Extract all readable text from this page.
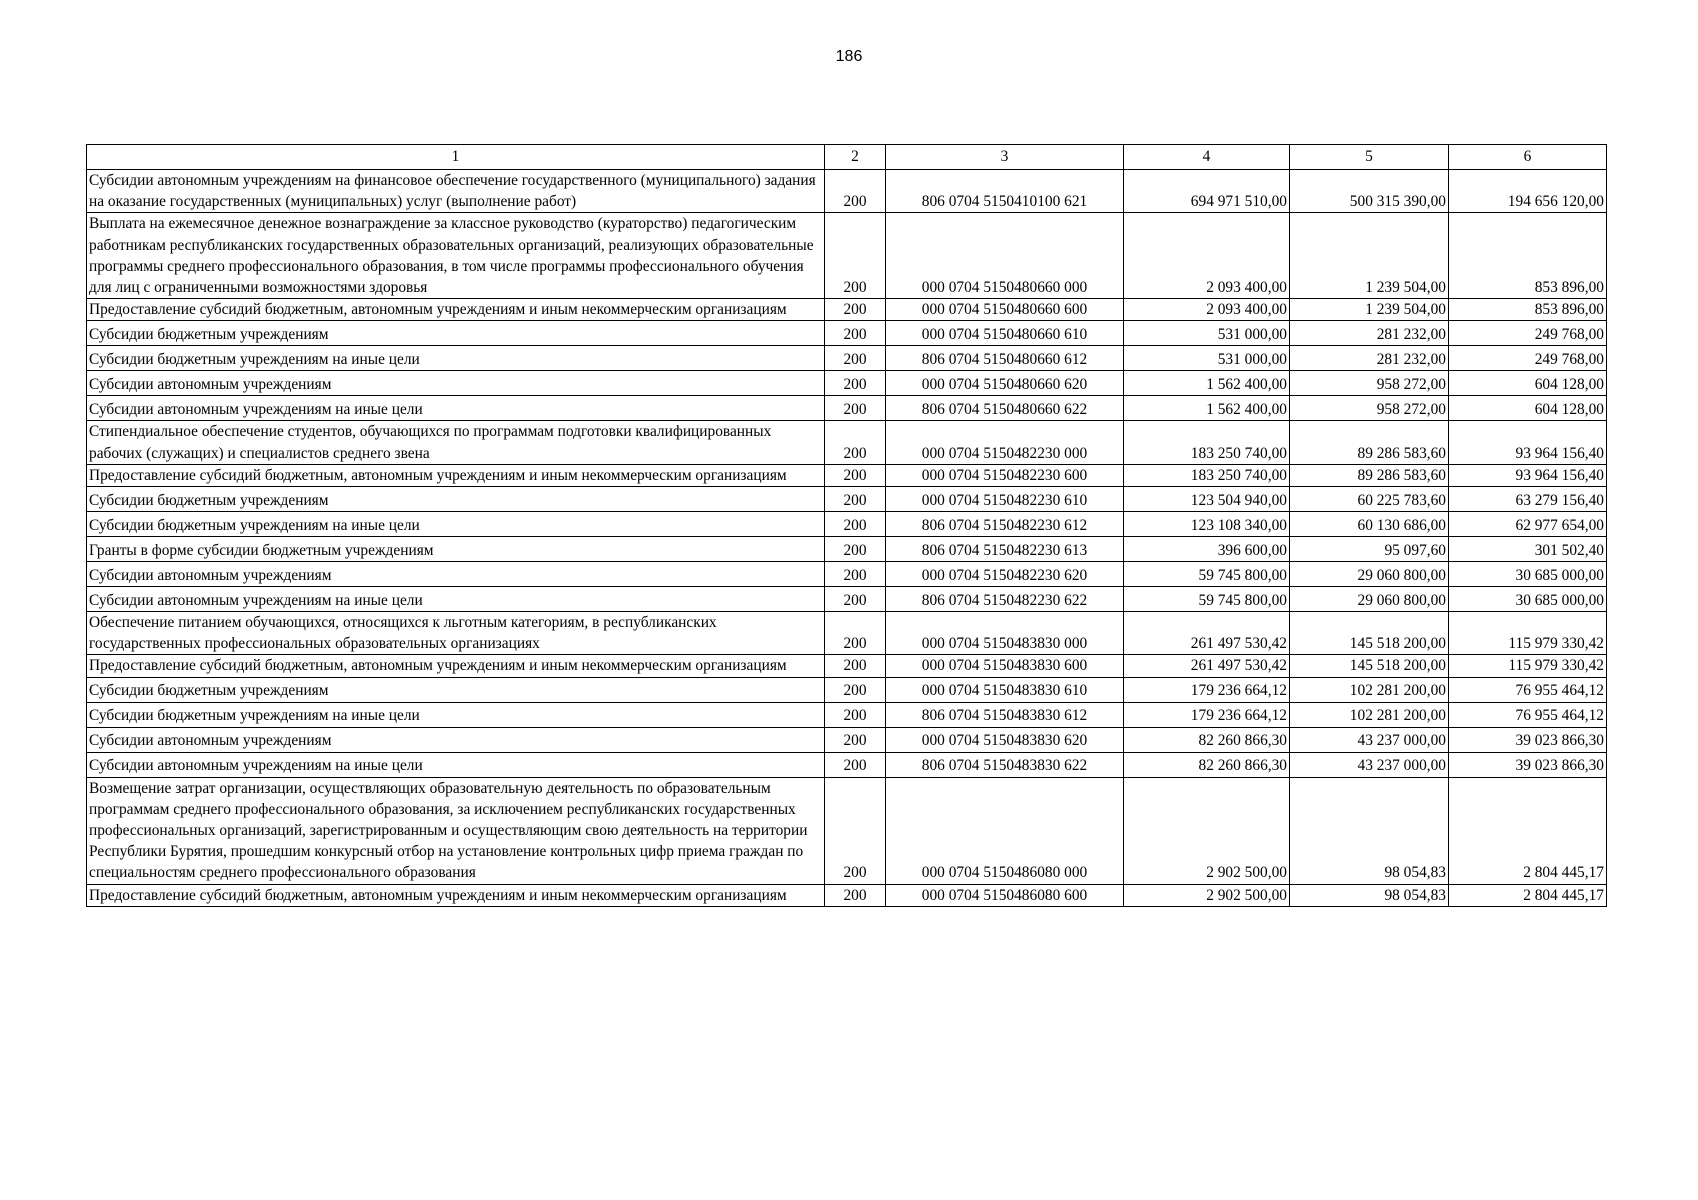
186
1	2	3	4	5	6
Субсидии автономным учреждениям на финансовое обеспечение государственного (муниципального) задания на оказание государственных (муниципальных) услуг (выполнение работ)	200	806 0704 5150410100 621	694 971 510,00	500 315 390,00	194 656 120,00
Выплата на ежемесячное денежное вознаграждение за классное руководство (кураторство) педагогическим работникам республиканских государственных образовательных организаций, реализующих образовательные программы среднего профессионального образования, в том числе программы профессионального обучения для лиц с ограниченными возможностями здоровья	200	000 0704 5150480660 000	2 093 400,00	1 239 504,00	853 896,00
Предоставление субсидий бюджетным, автономным учреждениям и иным некоммерческим организациям	200	000 0704 5150480660 600	2 093 400,00	1 239 504,00	853 896,00
Субсидии бюджетным учреждениям	200	000 0704 5150480660 610	531 000,00	281 232,00	249 768,00
Субсидии бюджетным учреждениям на иные цели	200	806 0704 5150480660 612	531 000,00	281 232,00	249 768,00
Субсидии автономным учреждениям	200	000 0704 5150480660 620	1 562 400,00	958 272,00	604 128,00
Субсидии автономным учреждениям на иные цели	200	806 0704 5150480660 622	1 562 400,00	958 272,00	604 128,00
Стипендиальное обеспечение студентов, обучающихся по программам подготовки квалифицированных рабочих (служащих) и специалистов среднего звена	200	000 0704 5150482230 000	183 250 740,00	89 286 583,60	93 964 156,40
Предоставление субсидий бюджетным, автономным учреждениям и иным некоммерческим организациям	200	000 0704 5150482230 600	183 250 740,00	89 286 583,60	93 964 156,40
Субсидии бюджетным учреждениям	200	000 0704 5150482230 610	123 504 940,00	60 225 783,60	63 279 156,40
Субсидии бюджетным учреждениям на иные цели	200	806 0704 5150482230 612	123 108 340,00	60 130 686,00	62 977 654,00
Гранты в форме субсидии бюджетным учреждениям	200	806 0704 5150482230 613	396 600,00	95 097,60	301 502,40
Субсидии автономным учреждениям	200	000 0704 5150482230 620	59 745 800,00	29 060 800,00	30 685 000,00
Субсидии автономным учреждениям на иные цели	200	806 0704 5150482230 622	59 745 800,00	29 060 800,00	30 685 000,00
Обеспечение питанием обучающихся, относящихся к льготным категориям, в республиканских государственных профессиональных образовательных организациях	200	000 0704 5150483830 000	261 497 530,42	145 518 200,00	115 979 330,42
Предоставление субсидий бюджетным, автономным учреждениям и иным некоммерческим организациям	200	000 0704 5150483830 600	261 497 530,42	145 518 200,00	115 979 330,42
Субсидии бюджетным учреждениям	200	000 0704 5150483830 610	179 236 664,12	102 281 200,00	76 955 464,12
Субсидии бюджетным учреждениям на иные цели	200	806 0704 5150483830 612	179 236 664,12	102 281 200,00	76 955 464,12
Субсидии автономным учреждениям	200	000 0704 5150483830 620	82 260 866,30	43 237 000,00	39 023 866,30
Субсидии автономным учреждениям на иные цели	200	806 0704 5150483830 622	82 260 866,30	43 237 000,00	39 023 866,30
Возмещение затрат организации, осуществляющих образовательную деятельность по образовательным программам среднего профессионального образования, за исключением республиканских государственных профессиональных организаций, зарегистрированным и осуществляющим свою деятельность на территории Республики Бурятия, прошедшим конкурсный отбор на установление контрольных цифр приема граждан по специальностям среднего профессионального образования	200	000 0704 5150486080 000	2 902 500,00	98 054,83	2 804 445,17
Предоставление субсидий бюджетным, автономным учреждениям и иным некоммерческим организациям	200	000 0704 5150486080 600	2 902 500,00	98 054,83	2 804 445,17
